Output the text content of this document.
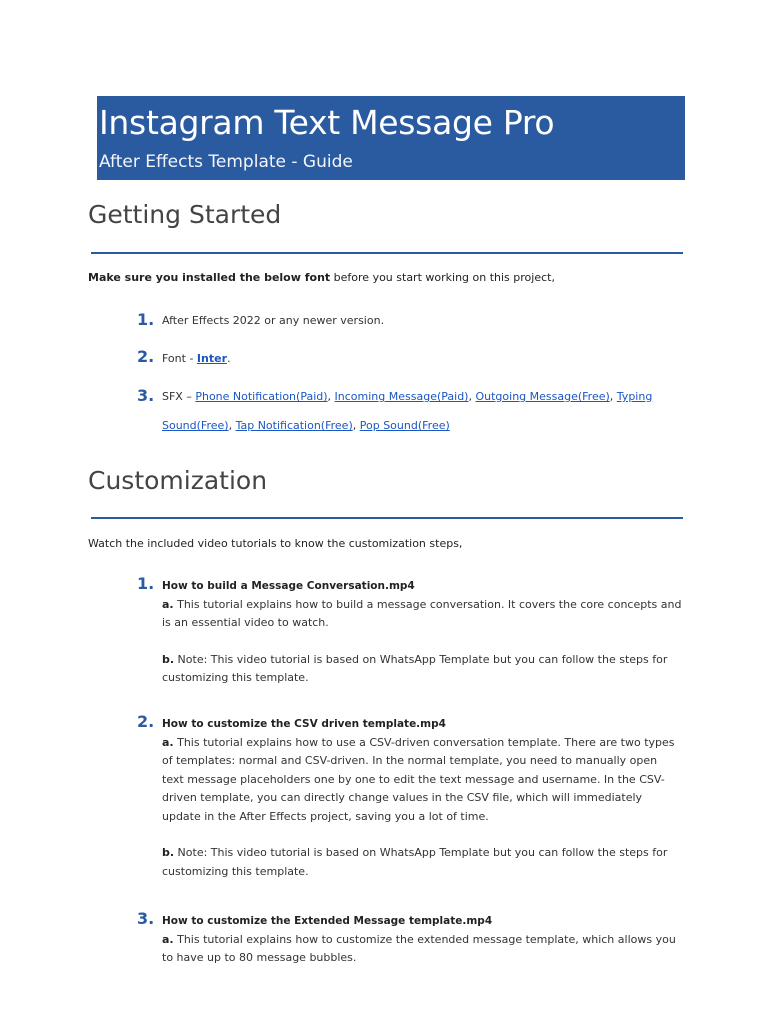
Instagram Text Message Pro
After Effects Template - Guide
Getting Started
Make sure you installed the below font before you start working on this project,
1. After Effects 2022 or any newer version.
2. Font - Inter.
3. SFX – Phone Notification(Paid), Incoming Message(Paid), Outgoing Message(Free), Typing
Sound(Free), Tap Notification(Free), Pop Sound(Free)
Customization
Watch the included video tutorials to know the customization steps,
1. How to build a Message Conversation.mp4
a. This tutorial explains how to build a message conversation. It covers the core concepts and is an essential video to watch.
b. Note: This video tutorial is based on WhatsApp Template but you can follow the steps for customizing this template.
2. How to customize the CSV driven template.mp4
a. This tutorial explains how to use a CSV-driven conversation template. There are two types of templates: normal and CSV-driven. In the normal template, you need to manually open text message placeholders one by one to edit the text message and username. In the CSV-driven template, you can directly change values in the CSV file, which will immediately update in the After Effects project, saving you a lot of time.
b. Note: This video tutorial is based on WhatsApp Template but you can follow the steps for customizing this template.
3. How to customize the Extended Message template.mp4
a. This tutorial explains how to customize the extended message template, which allows you to have up to 80 message bubbles.
